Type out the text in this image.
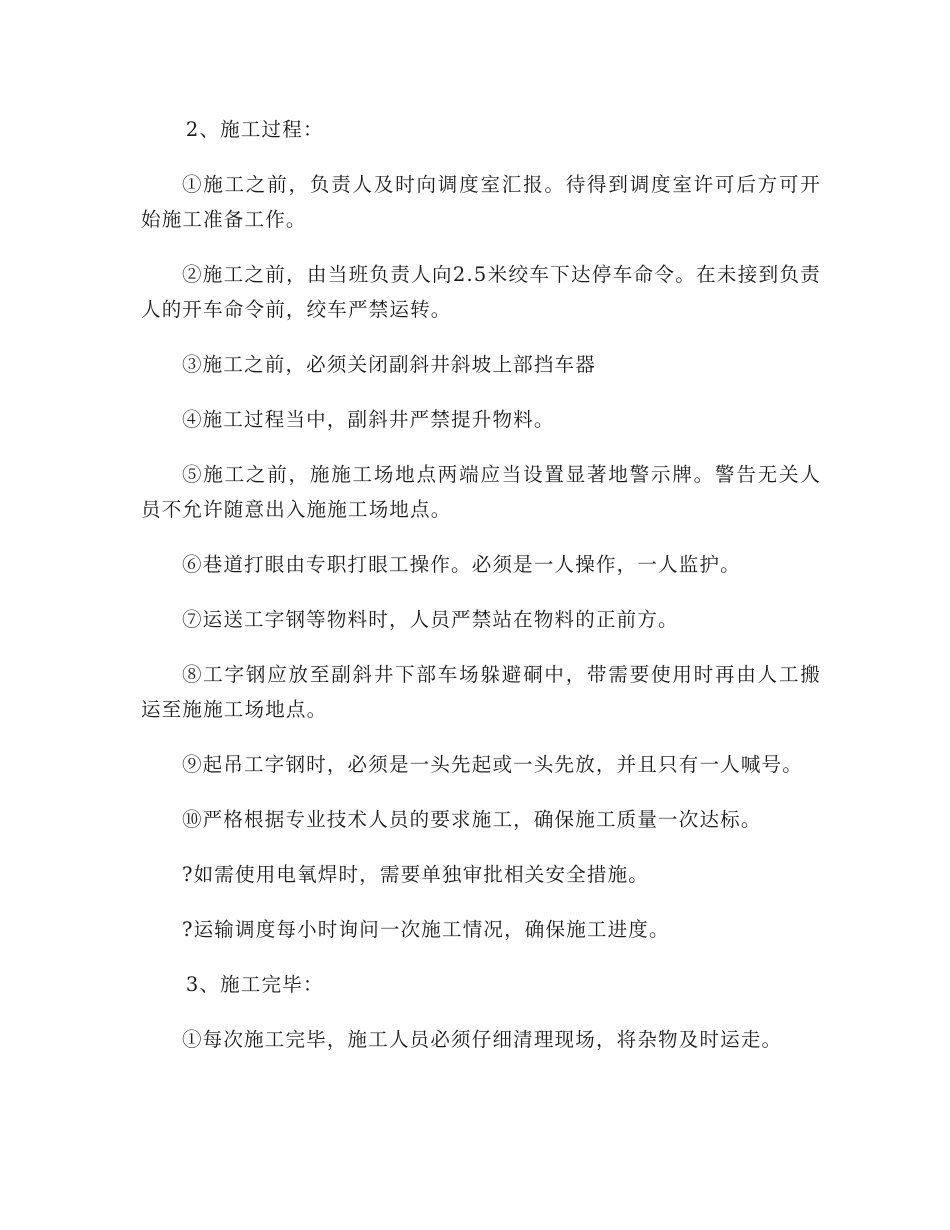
2、施工过程：

①施工之前，负责人及时向调度室汇报。待得到调度室许可后方可开始施工准备工作。

②施工之前，由当班负责人向2.5米绞车下达停车命令。在未接到负责人的开车命令前，绞车严禁运转。

③施工之前，必须关闭副斜井斜坡上部挡车器

④施工过程当中，副斜井严禁提升物料。

⑤施工之前，施施工场地点两端应当设置显著地警示牌。警告无关人员不允许随意出入施施工场地点。

⑥巷道打眼由专职打眼工操作。必须是一人操作，一人监护。

⑦运送工字钢等物料时，人员严禁站在物料的正前方。

⑧工字钢应放至副斜井下部车场躲避硐中，带需要使用时再由人工搬运至施施工场地点。

⑨起吊工字钢时，必须是一头先起或一头先放，并且只有一人喊号。

⑩严格根据专业技术人员的要求施工，确保施工质量一次达标。

?如需使用电氧焊时，需要单独审批相关安全措施。

?运输调度每小时询问一次施工情况，确保施工进度。

3、施工完毕：

①每次施工完毕，施工人员必须仔细清理现场，将杂物及时运走。
